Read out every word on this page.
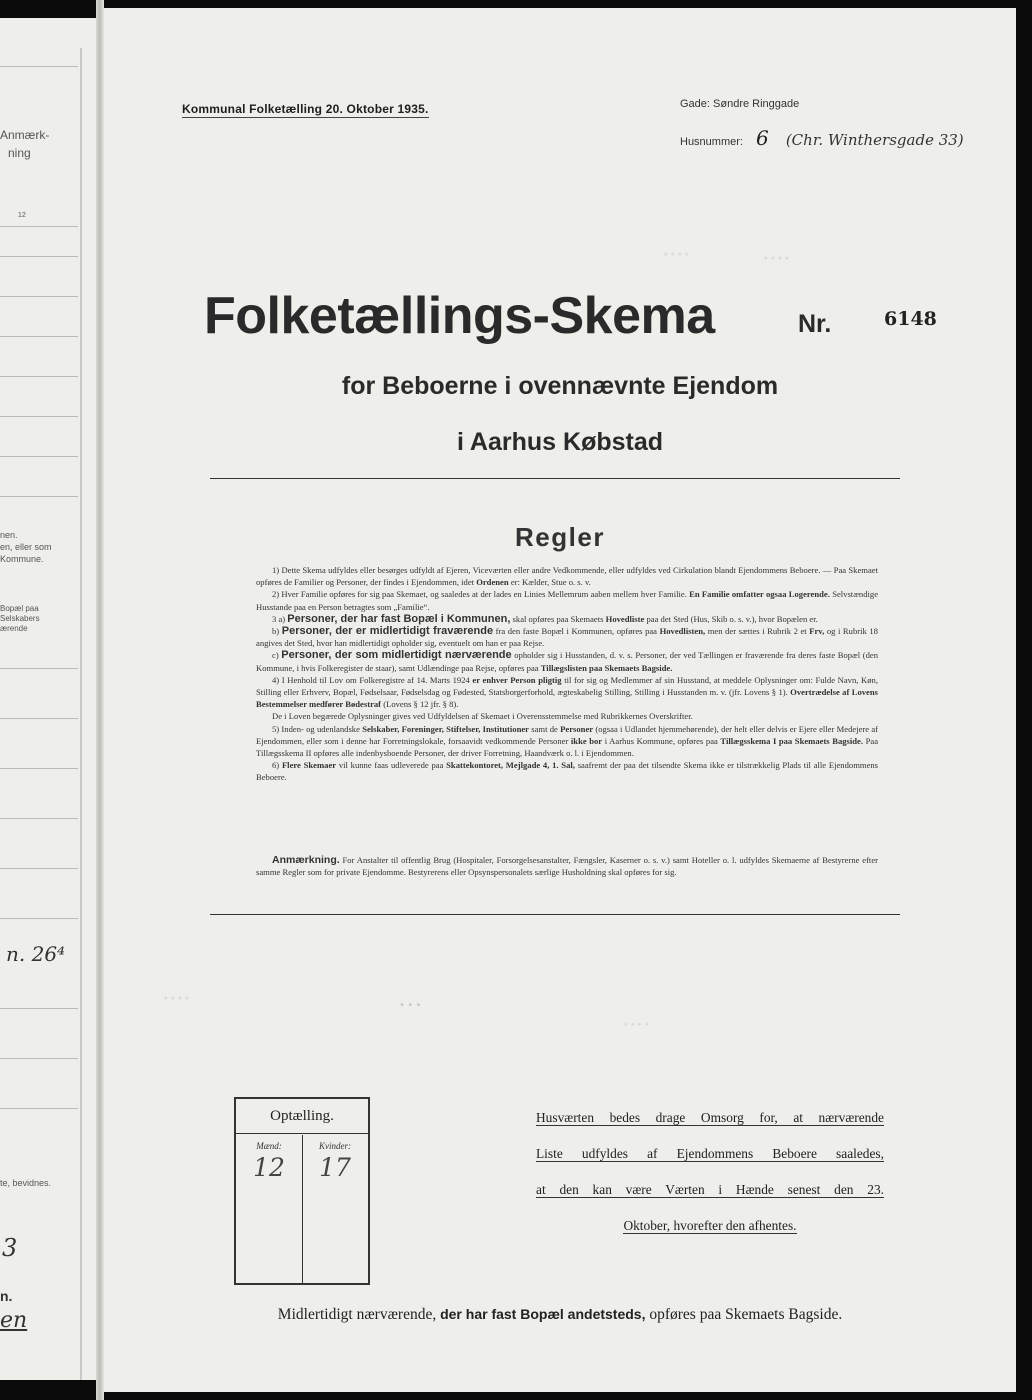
Anmærk-
ning
12
nen.
en, eller som
Kommune.
Bopæl paa
Selskabers
ærende
n. 26⁴
te, bevidnes.
3
n.
en
Kommunal Folketælling 20. Oktober 1935.	Gade: Søndre Ringgade
Husnummer: 6 (Chr. Winthersgade 33)
· · · ·	· · · ·
Folketællings-Skema	Nr.	6148
for Beboerne i ovennævnte Ejendom
i Aarhus Købstad
Regler

1) Dette Skema udfyldes eller besørges udfyldt af Ejeren, Viceværten eller andre Vedkommende, eller udfyldes ved Cirkulation blandt Ejendommens Beboere. — Paa Skemaet opføres de Familier og Personer, der findes i Ejendommen, idet Ordenen er: Kælder, Stue o. s. v.

2) Hver Familie opføres for sig paa Skemaet, og saaledes at der lades en Linies Mellemrum aaben mellem hver Familie. En Familie omfatter ogsaa Logerende. Selvstændige Husstande paa en Person betragtes som „Familie“.

3 a) Personer, der har fast Bopæl i Kommunen, skal opføres paa Skemaets Hovedliste paa det Sted (Hus, Skib o. s. v.), hvor Bopælen er.

b) Personer, der er midlertidigt fraværende fra den faste Bopæl i Kommunen, opføres paa Hovedlisten, men der sættes i Rubrik 2 et Frv, og i Rubrik 18 angives det Sted, hvor han midlertidigt opholder sig, eventuelt om han er paa Rejse.

c) Personer, der som midlertidigt nærværende opholder sig i Husstanden, d. v. s. Personer, der ved Tællingen er fraværende fra deres faste Bopæl (den Kommune, i hvis Folkeregister de staar), samt Udlændinge paa Rejse, opføres paa Tillægslisten paa Skemaets Bagside.

4) I Henhold til Lov om Folkeregistre af 14. Marts 1924 er enhver Person pligtig til for sig og Medlemmer af sin Husstand, at meddele Oplysninger om: Fulde Navn, Køn, Stilling eller Erhverv, Bopæl, Fødselsaar, Fødselsdag og Fødested, Statsborgerforhold, ægteskabelig Stilling, Stilling i Husstanden m. v. (jfr. Lovens § 1). Overtrædelse af Lovens Bestemmelser medfører Bødestraf (Lovens § 12 jfr. § 8).

De i Loven begærede Oplysninger gives ved Udfyldelsen af Skemaet i Overensstemmelse med Rubrikkernes Overskrifter.

5) Inden- og udenlandske Selskaber, Foreninger, Stiftelser, Institutioner samt de Personer (ogsaa i Udlandet hjemmehørende), der helt eller delvis er Ejere eller Medejere af Ejendommen, eller som i denne har Forretningslokale, forsaavidt vedkommende Personer ikke bor i Aarhus Kommune, opføres paa Tillægsskema I paa Skemaets Bagside. Paa Tillægsskema II opføres alle indenbysboende Personer, der driver Forretning, Haandværk o. l. i Ejendommen.

6) Flere Skemaer vil kunne faas udleverede paa Skattekontoret, Mejlgade 4, 1. Sal, saafremt der paa det tilsendte Skema ikke er tilstrækkelig Plads til alle Ejendommens Beboere.

Anmærkning. For Anstalter til offentlig Brug (Hospitaler, Forsorgelsesanstalter, Fængsler, Kaserner o. s. v.) samt Hoteller o. l. udfyldes Skemaerne af Bestyrerne efter samme Regler som for private Ejendomme. Bestyrerens eller Opsynspersonalets særlige Husholdning skal opføres for sig.

· · · ·	· · ·
· · · ·
Optælling.
Mænd:
12
Kvinder:
17
Husværten bedes drage Omsorg for, at nærværende
Liste udfyldes af Ejendommens Beboere saaledes,
at den kan være Værten i Hænde senest den 23.
Oktober, hvorefter den afhentes.
Midlertidigt nærværende, der har fast Bopæl andetsteds, opføres paa Skemaets Bagside.
